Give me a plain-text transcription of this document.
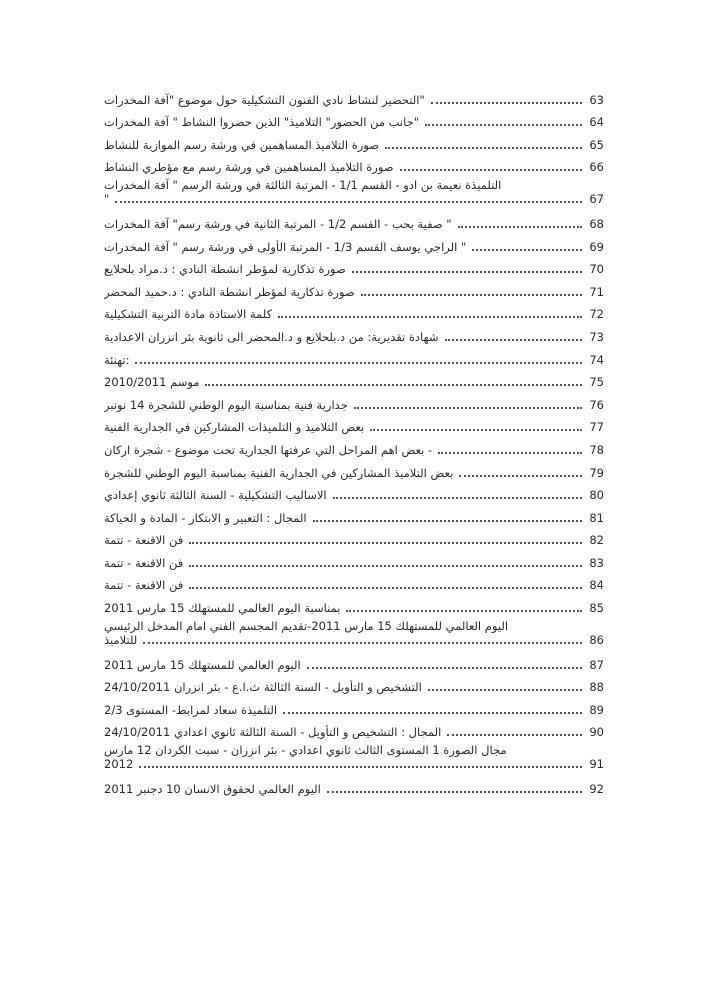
التحضير لنشاط نادي الفنون التشكيلية حول موضوع "آفة المخدرات"	63
جانب من الحضور" التلاميذ" الذين حضروا النشاط " آفة المخدرات"	64
صورة التلاميذ المساهمين في ورشة رسم الموازية للنشاط	65
صورة التلاميذ المساهمين في ورشة رسم مع مؤطري النشاط	66
التلميذة نعيمة بن ادو - القسم 1/1 - المرتبة الثالثة في ورشة الرسم " آفة المخدرات
"	67
صفية بحب - القسم 1/2 - المرتبة الثانية في ورشة رسم" آفة المخدرات "	68
الراجي يوسف القسم 1/3 - المرتبة الأولى في ورشة رسم " آفة المخدرات "	69
صورة تذكارية لمؤطر انشطة النادي : د.مراد بلحلايع	70
صورة تذكارية لمؤطر انشطة النادي : د.حميد المحضر	71
كلمة الاستاذة مادة التربية التشكيلية	72
شهادة تقديرية: من د.بلحلايع و د.المحضر الى ثانوية بئر انزران الاعدادية	73
تهنئة:	74
موسم 2010/2011	75
جدارية فنية بمناسبة اليوم الوطني للشجرة 14 نونبر	76
بعض التلاميذ و التلميذات المشاركين في الجدارية الفنية	77
بعض اهم المراحل التي عرفتها الجدارية تحت موضوع - شجرة اركان -	78
بعض التلاميذ المشاركين في الجدارية الفنية بمناسبة اليوم الوطني للشجرة	79
الاساليب التشكيلية - السنة الثالثة ثانوي إعدادي	80
المجال : التعبير و الابتكار - المادة و الحياكة	81
فن الاقنعة - تتمة	82
فن الاقنعة - تتمة	83
فن الاقنعة - تتمة	84
بمناسبة اليوم العالمي للمستهلك 15 مارس 2011	85
اليوم العالمي للمستهلك 15 مارس 2011-تقديم المجسم الفني امام المدخل الرئيسي
للتلاميذ	86
اليوم العالمي للمستهلك 15 مارس 2011	87
التشخيص و التأويل - السنة الثالثة ث.ا.ع - بئر انزران 24/10/2011	88
التلميذة سعاد لمرابط- المستوى 2/3	89
المجال : التشخيص و التأويل - السنة الثالثة ثانوي اعدادي 24/10/2011	90
مجال الصورة 1 المستوى الثالث ثانوي اعدادي - بئر انزران - سبت الكردان 12 مارس
2012	91
اليوم العالمي لحقوق الانسان 10 دجنبر 2011	92
